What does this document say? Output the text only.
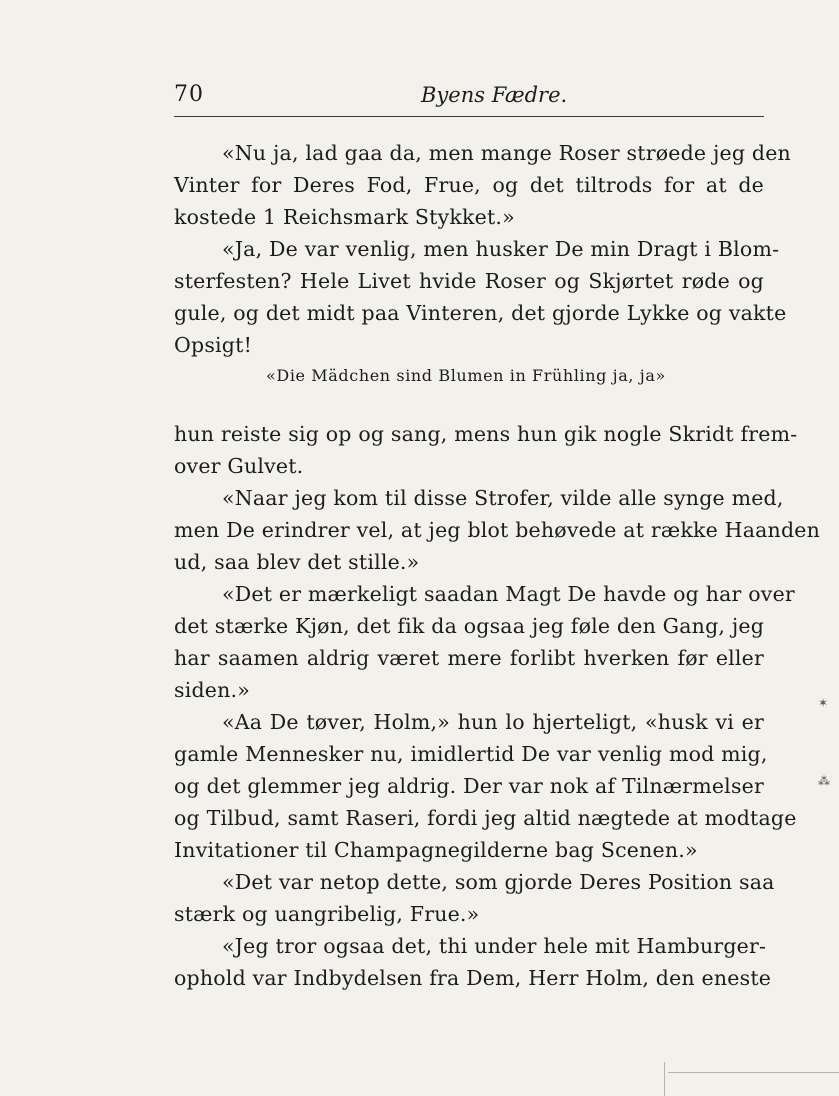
70	Byens Fædre.
«Nu ja, lad gaa da, men mange Roser strøede jeg den
Vinter for Deres Fod, Frue, og det tiltrods for at de
kostede 1 Reichsmark Stykket.»
«Ja, De var venlig, men husker De min Dragt i Blom-
sterfesten? Hele Livet hvide Roser og Skjørtet røde og
gule, og det midt paa Vinteren, det gjorde Lykke og vakte
Opsigt!
«Die Mädchen sind Blumen in Frühling ja, ja»
hun reiste sig op og sang, mens hun gik nogle Skridt frem-
over Gulvet.
«Naar jeg kom til disse Strofer, vilde alle synge med,
men De erindrer vel, at jeg blot behøvede at række Haanden
ud, saa blev det stille.»
«Det er mærkeligt saadan Magt De havde og har over
det stærke Kjøn, det fik da ogsaa jeg føle den Gang, jeg
har saamen aldrig været mere forlibt hverken før eller
siden.»
«Aa De tøver, Holm,» hun lo hjerteligt, «husk vi er
gamle Mennesker nu, imidlertid De var venlig mod mig,
og det glemmer jeg aldrig. Der var nok af Tilnærmelser
og Tilbud, samt Raseri, fordi jeg altid nægtede at modtage
Invitationer til Champagnegilderne bag Scenen.»
«Det var netop dette, som gjorde Deres Position saa
stærk og uangribelig, Frue.»
«Jeg tror ogsaa det, thi under hele mit Hamburger-
ophold var Indbydelsen fra Dem, Herr Holm, den eneste
✶
⁂
